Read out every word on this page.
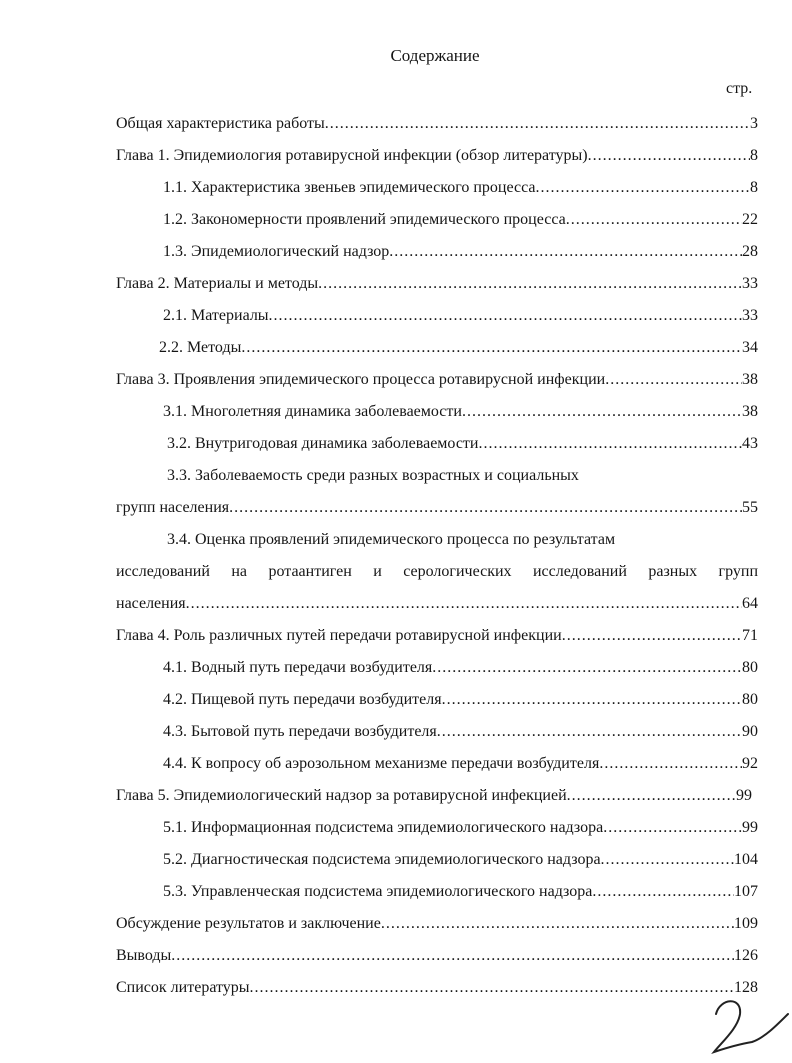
Содержание
стр.
Общая характеристика работы .....	3
Глава 1. Эпидемиология ротавирусной инфекции (обзор литературы) .....	8
1.1. Характеристика звеньев эпидемического процесса .....	8
1.2. Закономерности проявлений эпидемического процесса .....	22
1.3. Эпидемиологический надзор .....	28
Глава 2. Материалы и методы .....	33
2.1. Материалы .....	33
2.2. Методы .....	34
Глава 3. Проявления эпидемического процесса ротавирусной инфекции .....	38
3.1. Многолетняя динамика заболеваемости .....	38
3.2. Внутригодовая динамика заболеваемости .....	43
3.3. Заболеваемость среди разных возрастных и социальных
групп населения .....	55
3.4. Оценка проявлений эпидемического процесса по результатам
исследований на ротаантиген и серологических исследований разных групп
населения .....	64
Глава 4. Роль различных путей передачи ротавирусной инфекции .....	71
4.1. Водный путь передачи возбудителя .....	80
4.2. Пищевой путь передачи возбудителя .....	80
4.3. Бытовой путь передачи возбудителя .....	90
4.4. К вопросу об аэрозольном механизме передачи возбудителя .....	92
Глава 5. Эпидемиологический надзор за ротавирусной инфекцией .....	99
5.1. Информационная подсистема эпидемиологического надзора .....	99
5.2. Диагностическая подсистема эпидемиологического надзора .....	104
5.3. Управленческая подсистема эпидемиологического надзора .....	107
Обсуждение результатов и заключение .....	109
Выводы .....	126
Список литературы .....	128
